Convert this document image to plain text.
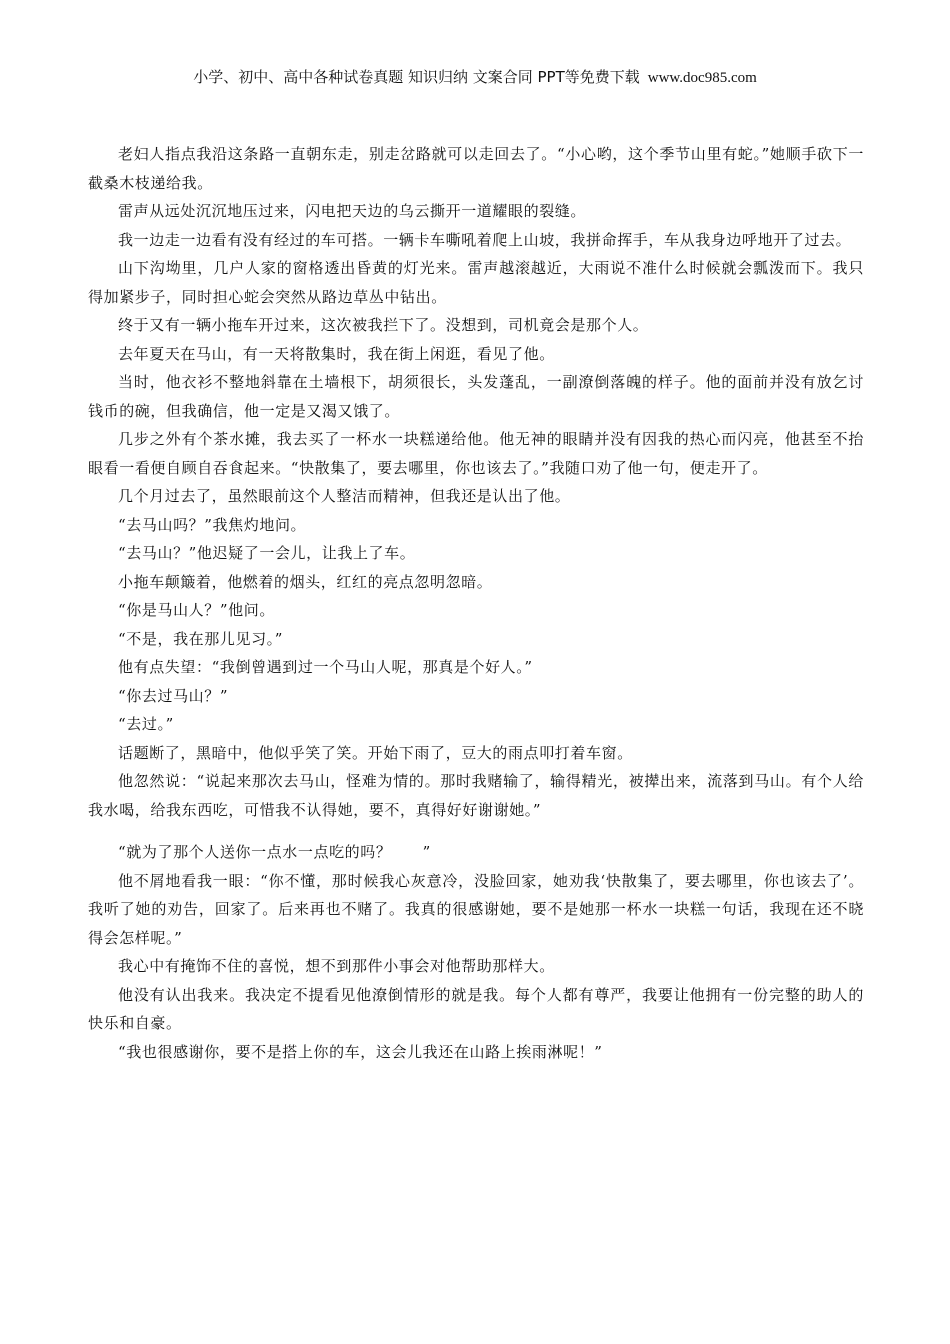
小学、初中、高中各种试卷真题 知识归纳 文案合同 PPT等免费下载 www.doc985.com

老妇人指点我沿这条路一直朝东走，别走岔路就可以走回去了。“小心哟，这个季节山里有蛇。”她顺手砍下一截桑木枝递给我。

雷声从远处沉沉地压过来，闪电把天边的乌云撕开一道耀眼的裂缝。

我一边走一边看有没有经过的车可搭。一辆卡车嘶吼着爬上山坡，我拼命挥手，车从我身边呼地开了过去。

山下沟坳里，几户人家的窗格透出昏黄的灯光来。雷声越滚越近，大雨说不准什么时候就会瓢泼而下。我只得加紧步子，同时担心蛇会突然从路边草丛中钻出。

终于又有一辆小拖车开过来，这次被我拦下了。没想到，司机竟会是那个人。

去年夏天在马山，有一天将散集时，我在街上闲逛，看见了他。

当时，他衣衫不整地斜靠在土墙根下，胡须很长，头发蓬乱，一副潦倒落魄的样子。他的面前并没有放乞讨钱币的碗，但我确信，他一定是又渴又饿了。

几步之外有个茶水摊，我去买了一杯水一块糕递给他。他无神的眼睛并没有因我的热心而闪亮，他甚至不抬眼看一看便自顾自吞食起来。“快散集了，要去哪里，你也该去了。”我随口劝了他一句，便走开了。

几个月过去了，虽然眼前这个人整洁而精神，但我还是认出了他。

“去马山吗？”我焦灼地问。

“去马山？”他迟疑了一会儿，让我上了车。

小拖车颠簸着，他燃着的烟头，红红的亮点忽明忽暗。

“你是马山人？”他问。

“不是，我在那儿见习。”

他有点失望：“我倒曾遇到过一个马山人呢，那真是个好人。”

“你去过马山？”

“去过。”

话题断了，黑暗中，他似乎笑了笑。开始下雨了，豆大的雨点叩打着车窗。

他忽然说：“说起来那次去马山，怪难为情的。那时我赌输了，输得精光，被撵出来，流落到马山。有个人给我水喝，给我东西吃，可惜我不认得她，要不，真得好好谢谢她。”

“就为了那个人送你一点水一点吃的吗？　　”

他不屑地看我一眼：“你不懂，那时候我心灰意冷，没脸回家，她劝我‘快散集了，要去哪里，你也该去了’。我听了她的劝告，回家了。后来再也不赌了。我真的很感谢她，要不是她那一杯水一块糕一句话，我现在还不晓得会怎样呢。”

我心中有掩饰不住的喜悦，想不到那件小事会对他帮助那样大。

他没有认出我来。我决定不提看见他潦倒情形的就是我。每个人都有尊严，我要让他拥有一份完整的助人的快乐和自豪。

“我也很感谢你，要不是搭上你的车，这会儿我还在山路上挨雨淋呢！”
